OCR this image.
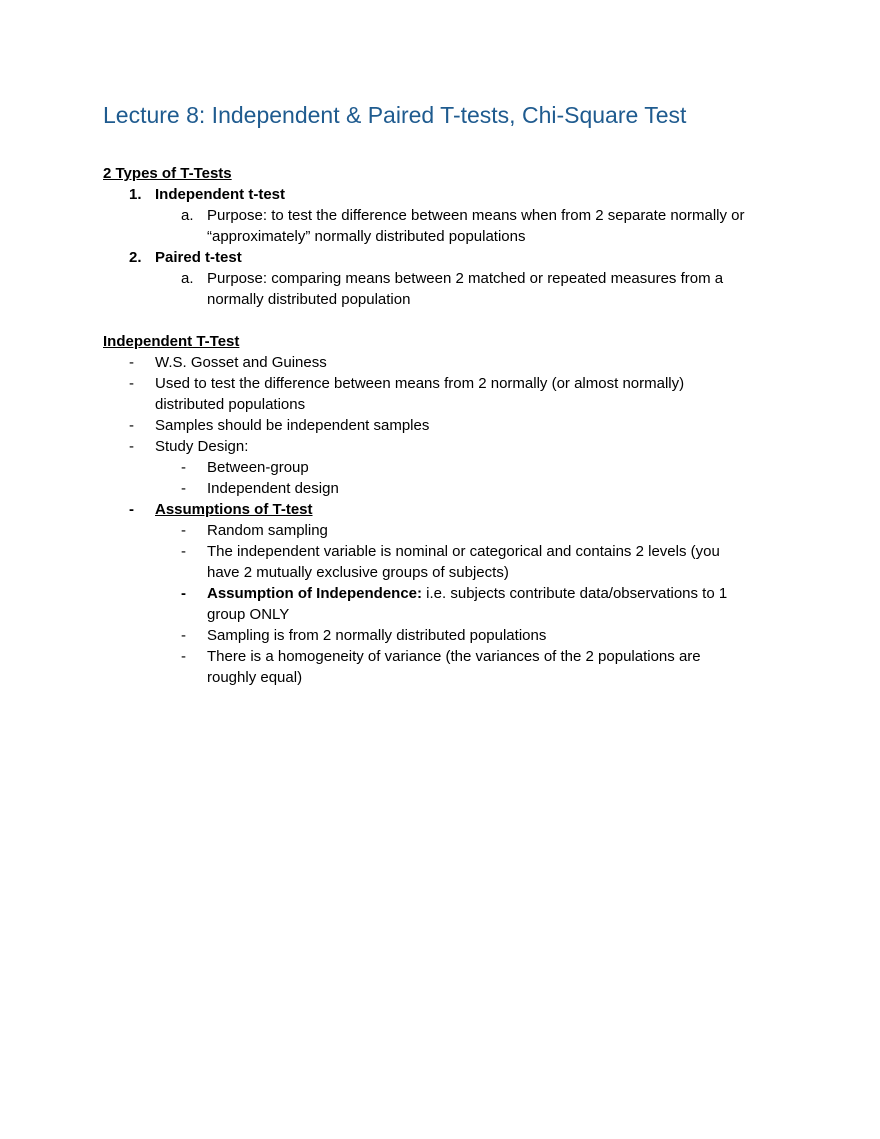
Lecture 8: Independent & Paired T-tests, Chi-Square Test
2 Types of T-Tests
1. Independent t-test
a. Purpose: to test the difference between means when from 2 separate normally or
“approximately” normally distributed populations
2. Paired t-test
a. Purpose: comparing means between 2 matched or repeated measures from a
normally distributed population
Independent T-Test
- W.S. Gosset and Guiness
- Used to test the difference between means from 2 normally (or almost normally)
distributed populations
- Samples should be independent samples
- Study Design:
- Between-group
- Independent design
- Assumptions of T-test
- Random sampling
- The independent variable is nominal or categorical and contains 2 levels (you
have 2 mutually exclusive groups of subjects)
- Assumption of Independence: i.e. subjects contribute data/observations to 1
group ONLY
- Sampling is from 2 normally distributed populations
- There is a homogeneity of variance (the variances of the 2 populations are
roughly equal)
